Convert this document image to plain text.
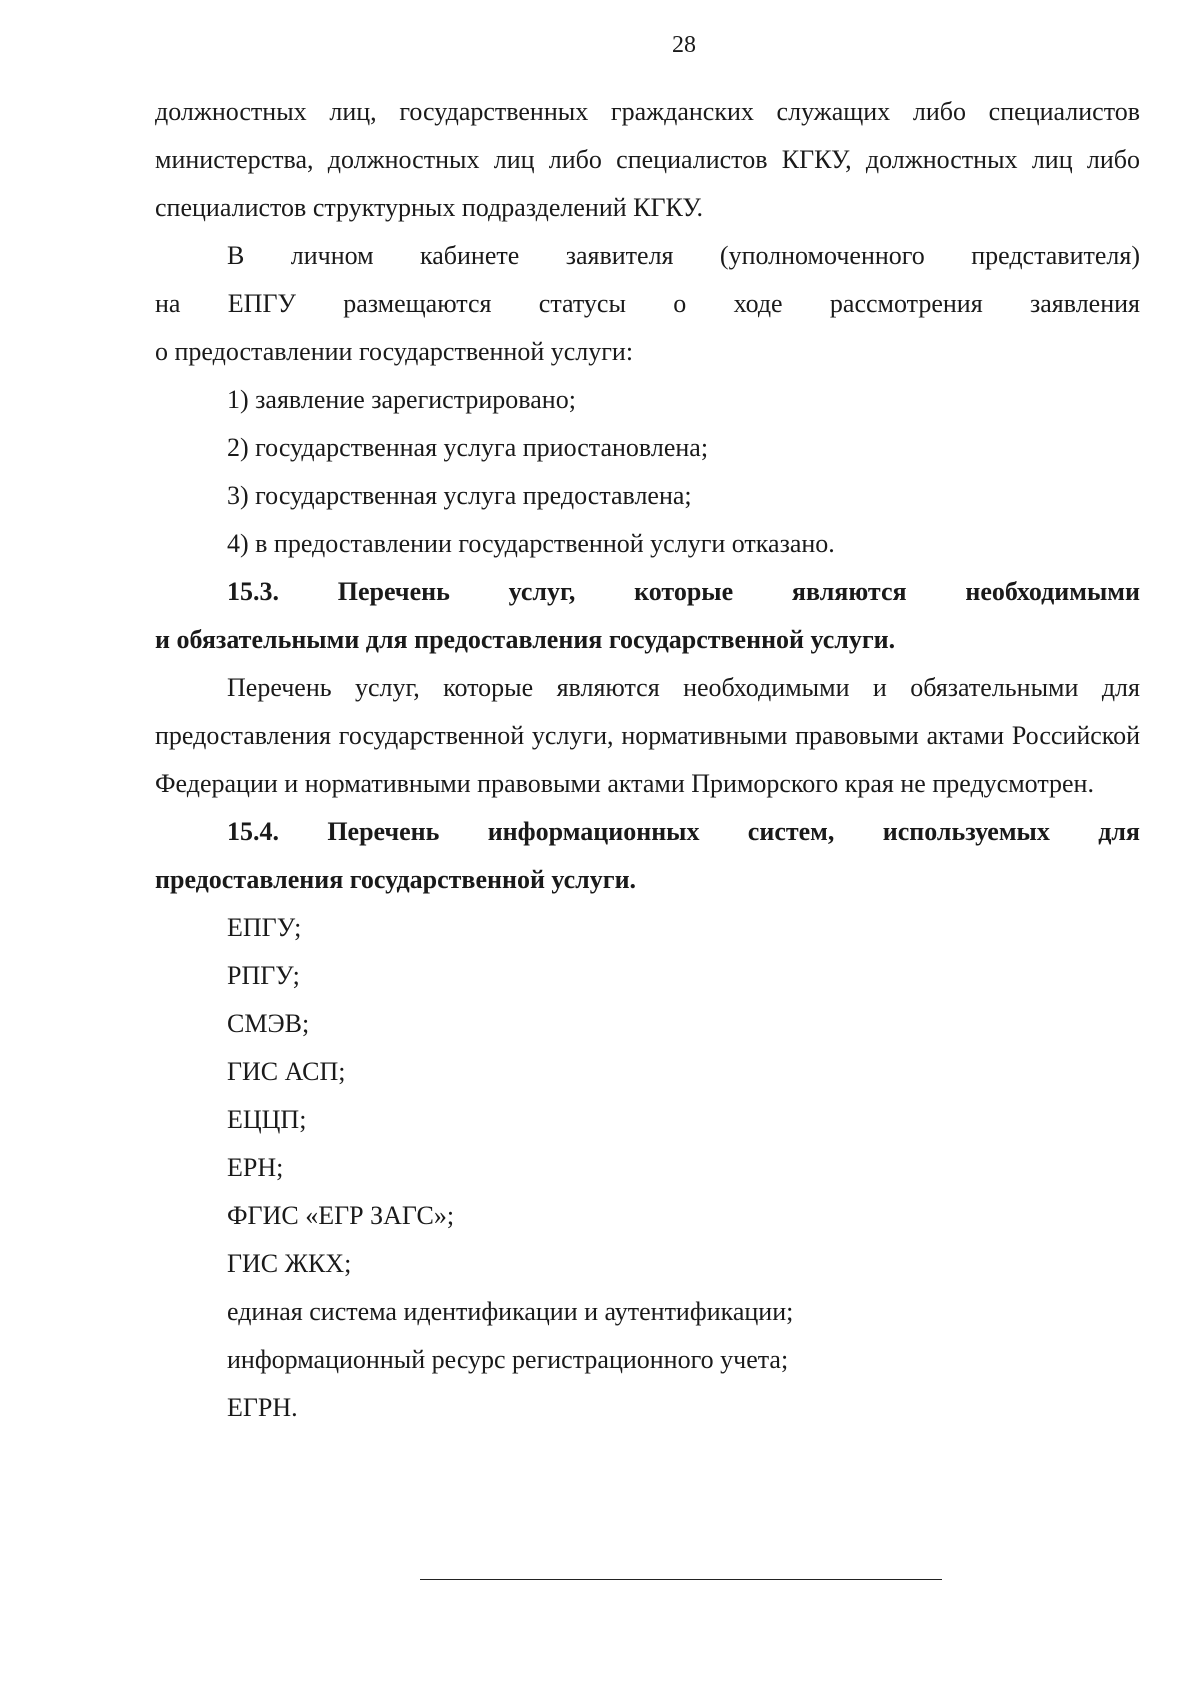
28

должностных лиц, государственных гражданских служащих либо специалистов министерства, должностных лиц либо специалистов КГКУ, должностных лиц либо специалистов структурных подразделений КГКУ.

В личном кабинете заявителя (уполномоченного представителя)

на ЕПГУ размещаются статусы о ходе рассмотрения заявления

о предоставлении государственной услуги:

1) заявление зарегистрировано;

2) государственная услуга приостановлена;

3) государственная услуга предоставлена;

4) в предоставлении государственной услуги отказано.

15.3. Перечень услуг, которые являются необходимыми

и обязательными для предоставления государственной услуги.

Перечень услуг, которые являются необходимыми и обязательными для предоставления государственной услуги, нормативными правовыми актами Российской Федерации и нормативными правовыми актами Приморского края не предусмотрен.

15.4. Перечень информационных систем, используемых для

предоставления государственной услуги.

ЕПГУ;

РПГУ;

СМЭВ;

ГИС АСП;

ЕЦЦП;

ЕРН;

ФГИС «ЕГР ЗАГС»;

ГИС ЖКХ;

единая система идентификации и аутентификации;

информационный ресурс регистрационного учета;

ЕГРН.
